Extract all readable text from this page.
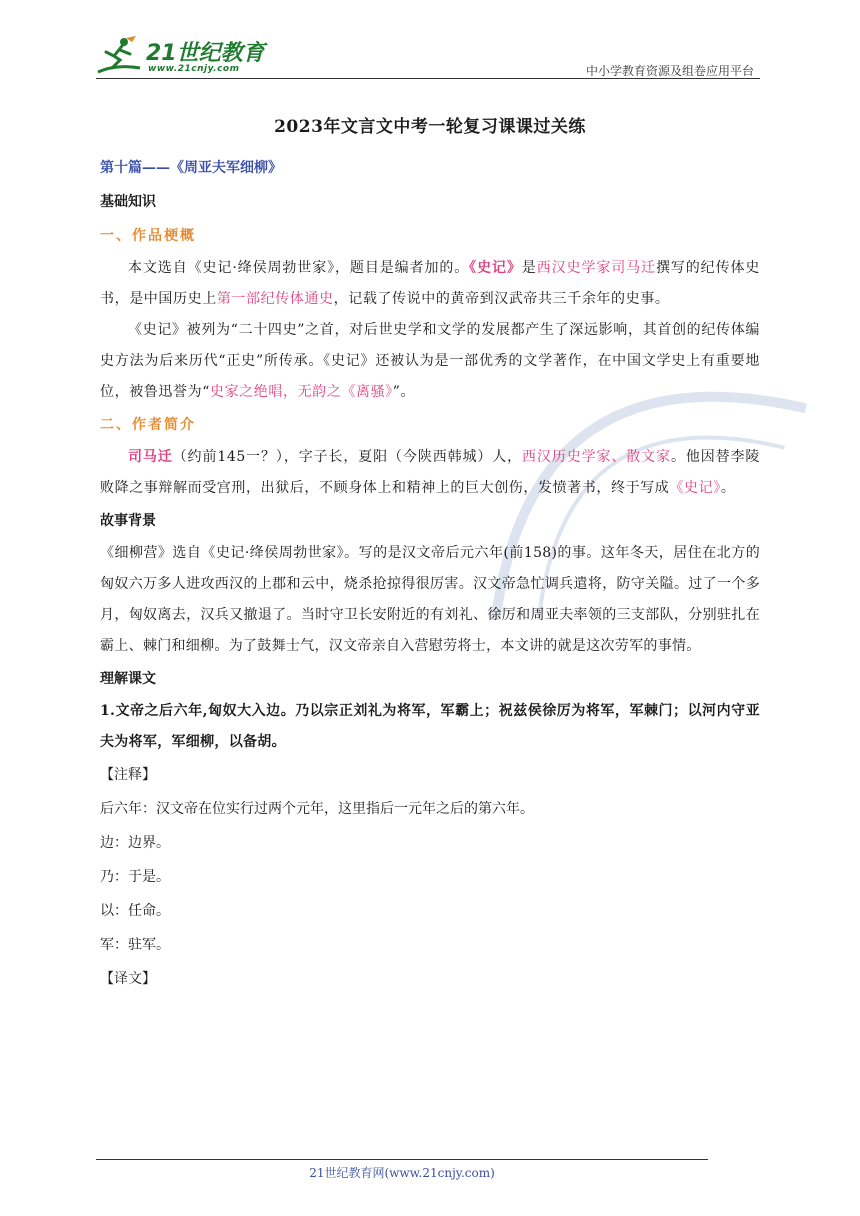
21世纪教育
www.21cnjy.com	中小学教育资源及组卷应用平台
2023年文言文中考一轮复习课课过关练

第十篇——《周亚夫军细柳》

基础知识

一、作品梗概

本文选自《史记·绛侯周勃世家》，题目是编者加的。《史记》是西汉史学家司马迁撰写的纪传体史书，是中国历史上第一部纪传体通史，记载了传说中的黄帝到汉武帝共三千余年的史事。

《史记》被列为“二十四史”之首，对后世史学和文学的发展都产生了深远影响，其首创的纪传体编史方法为后来历代“正史”所传承。《史记》还被认为是一部优秀的文学著作，在中国文学史上有重要地位，被鲁迅誉为“史家之绝唱，无韵之《离骚》”。

二、作者简介

司马迁（约前145一？），字子长，夏阳（今陕西韩城）人，西汉历史学家、散文家。他因替李陵败降之事辩解而受宫刑，出狱后，不顾身体上和精神上的巨大创伤，发愤著书，终于写成《史记》。

故事背景

《细柳营》选自《史记·绛侯周勃世家》。写的是汉文帝后元六年(前158)的事。这年冬天，居住在北方的匈奴六万多人进攻西汉的上郡和云中，烧杀抢掠得很厉害。汉文帝急忙调兵遣将，防守关隘。过了一个多月，匈奴离去，汉兵又撤退了。当时守卫长安附近的有刘礼、徐厉和周亚夫率领的三支部队，分别驻扎在霸上、棘门和细柳。为了鼓舞士气，汉文帝亲自入营慰劳将士，本文讲的就是这次劳军的事情。

理解课文

1.文帝之后六年,匈奴大入边。乃以宗正刘礼为将军，军霸上；祝兹侯徐厉为将军，军棘门；以河内守亚夫为将军，军细柳，以备胡。

【注释】

后六年：汉文帝在位实行过两个元年，这里指后一元年之后的第六年。

边：边界。

乃：于是。

以：任命。

军：驻军。

【译文】

21世纪教育网(www.21cnjy.com)
